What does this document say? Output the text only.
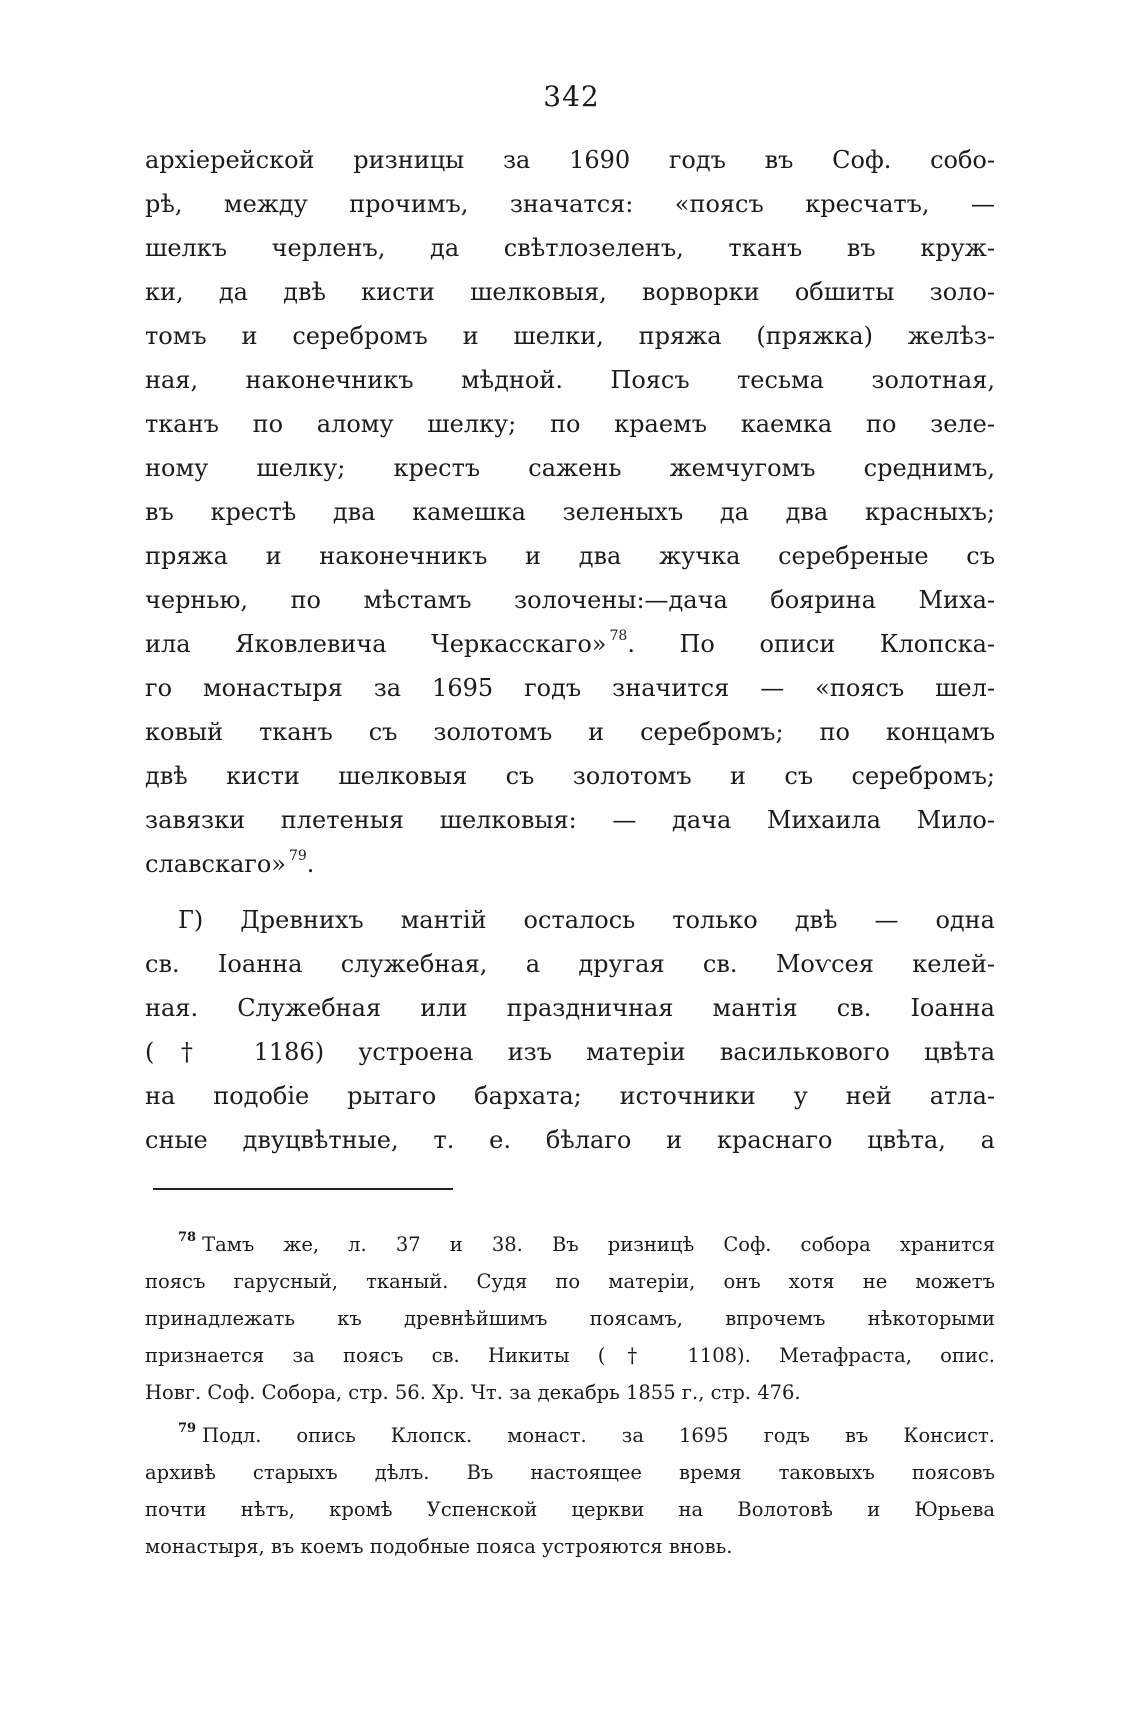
342
архіерейской ризницы за 1690 годъ въ Соф. собо-
рѣ, между прочимъ, значатся: «поясъ кресчатъ, —
шелкъ черленъ, да свѣтлозеленъ, тканъ въ круж-
ки, да двѣ кисти шелковыя, ворворки обшиты золо-
томъ и серебромъ и шелки, пряжа (пряжка) желѣз-
ная, наконечникъ мѣдной. Поясъ тесьма золотная,
тканъ по алому шелку; по краемъ каемка по зеле-
ному шелку; крестъ сажень жемчугомъ среднимъ,
въ крестѣ два камешка зеленыхъ да два красныхъ;
пряжа и наконечникъ и два жучка серебреные съ
чернью, по мѣстамъ золочены:—дача боярина Миха-
ила Яковлевича Черкасскаго» $^{78}$. По описи Клопска-
го монастыря за 1695 годъ значится — «поясъ шел-
ковый тканъ съ золотомъ и серебромъ; по концамъ
двѣ кисти шелковыя съ золотомъ и съ серебромъ;
завязки плетеныя шелковыя: — дача Михаила Мило-
славскаго» $^{79}$.
Г) Древнихъ мантій осталось только двѣ — одна
св. Іоанна служебная, а другая св. Моѵсея келей-
ная. Служебная или праздничная мантія св. Іоанна
(† 1186) устроена изъ матеріи василькового цвѣта
на подобіе рытаго бархата; источники у ней атла-
сные двуцвѣтные, т. е. бѣлаго и краснаго цвѣта, а
$^{78}$ Тамъ же, л. 37 и 38. Въ ризницѣ Соф. собора хранится
поясъ гарусный, тканый. Судя по матеріи, онъ хотя не можетъ
принадлежать къ древнѣйшимъ поясамъ, впрочемъ нѣкоторыми
признается за поясъ св. Никиты († 1108). Метафраста, опис.
Новг. Соф. Собора, стр. 56. Хр. Чт. за декабрь 1855 г., стр. 476.
$^{79}$ Подл. опись Клопск. монаст. за 1695 годъ въ Консист.
архивѣ старыхъ дѣлъ. Въ настоящее время таковыхъ поясовъ
почти нѣтъ, кромѣ Успенской церкви на Волотовѣ и Юрьева
монастыря, въ коемъ подобные пояса устрояются вновь.
